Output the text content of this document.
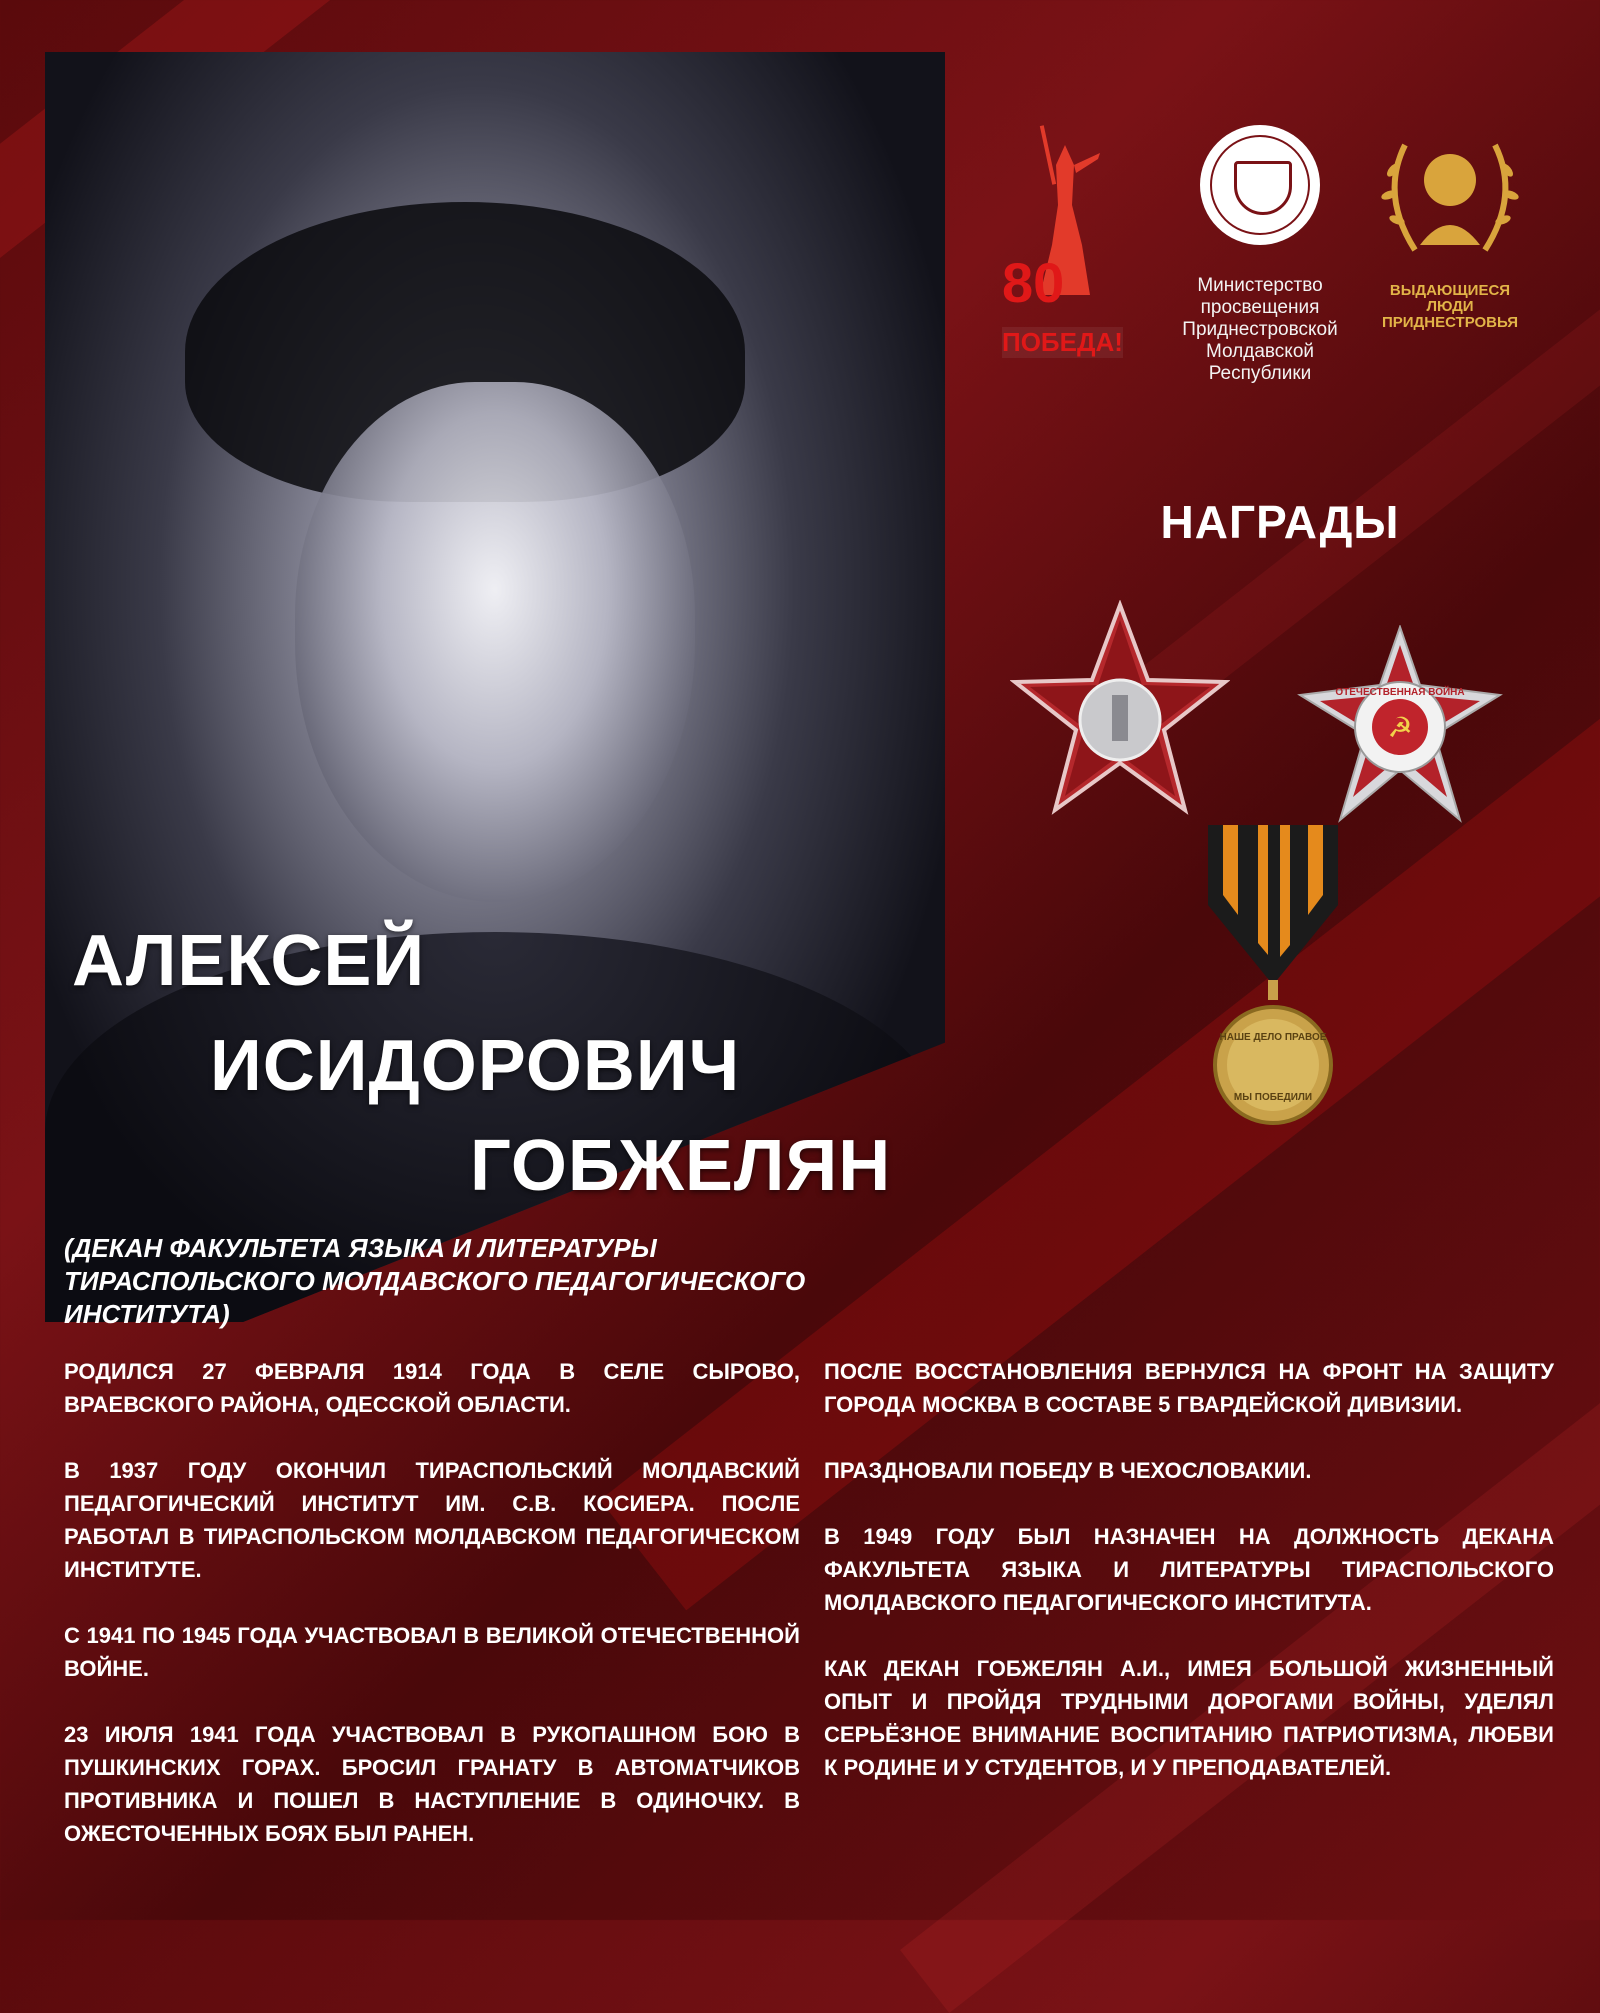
АЛЕКСЕЙ
ИСИДОРОВИЧ
ГОБЖЕЛЯН
(ДЕКАН ФАКУЛЬТЕТА ЯЗЫКА И ЛИТЕРАТУРЫ ТИРАСПОЛЬСКОГО МОЛДАВСКОГО ПЕДАГОГИЧЕСКОГО ИНСТИТУТА)

РОДИЛСЯ 27 ФЕВРАЛЯ 1914 ГОДА В СЕЛЕ СЫРОВО, ВРАЕВСКОГО РАЙОНА, ОДЕССКОЙ ОБЛАСТИ.

В 1937 ГОДУ ОКОНЧИЛ ТИРАСПОЛЬСКИЙ МОЛДАВСКИЙ ПЕДАГОГИЧЕСКИЙ ИНСТИТУТ ИМ. С.В. КОСИЕРА. ПОСЛЕ РАБОТАЛ В ТИРАСПОЛЬСКОМ МОЛДАВСКОМ ПЕДАГОГИЧЕСКОМ ИНСТИТУТЕ.

С 1941 ПО 1945 ГОДА УЧАСТВОВАЛ В ВЕЛИКОЙ ОТЕЧЕСТВЕННОЙ ВОЙНЕ.

23 ИЮЛЯ 1941 ГОДА УЧАСТВОВАЛ В РУКОПАШНОМ БОЮ В ПУШКИНСКИХ ГОРАХ. БРОСИЛ ГРАНАТУ В АВТОМАТЧИКОВ ПРОТИВНИКА И ПОШЕЛ В НАСТУПЛЕНИЕ В ОДИНОЧКУ. В ОЖЕСТОЧЕННЫХ БОЯХ БЫЛ РАНЕН.

ПОСЛЕ ВОССТАНОВЛЕНИЯ ВЕРНУЛСЯ НА ФРОНТ НА ЗАЩИТУ ГОРОДА МОСКВА В СОСТАВЕ 5 ГВАРДЕЙСКОЙ ДИВИЗИИ.

ПРАЗДНОВАЛИ ПОБЕДУ В ЧЕХОСЛОВАКИИ.

В 1949 ГОДУ БЫЛ НАЗНАЧЕН НА ДОЛЖНОСТЬ ДЕКАНА ФАКУЛЬТЕТА ЯЗЫКА И ЛИТЕРАТУРЫ ТИРАСПОЛЬСКОГО МОЛДАВСКОГО ПЕДАГОГИЧЕСКОГО ИНСТИТУТА.

КАК ДЕКАН ГОБЖЕЛЯН А.И., ИМЕЯ БОЛЬШОЙ ЖИЗНЕННЫЙ ОПЫТ И ПРОЙДЯ ТРУДНЫМИ ДОРОГАМИ ВОЙНЫ, УДЕЛЯЛ СЕРЬЁЗНОЕ ВНИМАНИЕ ВОСПИТАНИЮ ПАТРИОТИЗМА, ЛЮБВИ К РОДИНЕ И У СТУДЕНТОВ, И У ПРЕПОДАВАТЕЛЕЙ.

80
ПОБЕДА!
Министерство
просвещения
Приднестровской
Молдавской
Республики
ВЫДАЮЩИЕСЯ
ЛЮДИ
ПРИДНЕСТРОВЬЯ
НАГРАДЫ
ОТЕЧЕСТВЕННАЯ ВОЙНА
☭
НАШЕ ДЕЛО ПРАВОЕ
МЫ ПОБЕДИЛИ
